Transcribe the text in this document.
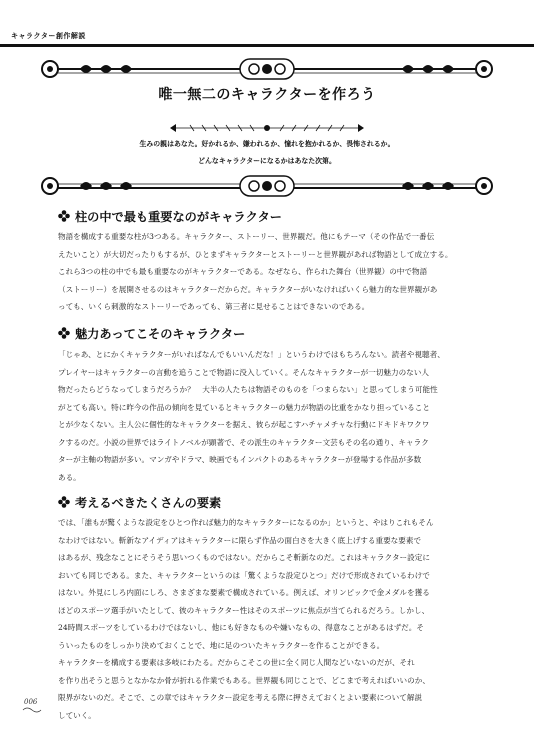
キャラクター創作解説
唯一無二のキャラクターを作ろう
生みの親はあなた。好かれるか、嫌われるか、憧れを抱かれるか、畏怖されるか。
どんなキャラクターになるかはあなた次第。
柱の中で最も重要なのがキャラクター
物語を構成する重要な柱が3つある。キャラクター、ストーリー、世界観だ。他にもテーマ（その作品で一番伝
えたいこと）が大切だったりもするが、ひとまずキャラクターとストーリーと世界観があれば物語として成立する。
これら3つの柱の中でも最も重要なのがキャラクターである。なぜなら、作られた舞台（世界観）の中で物語
（ストーリー）を展開させるのはキャラクターだからだ。キャラクターがいなければいくら魅力的な世界観があ
っても、いくら刺激的なストーリーであっても、第三者に見せることはできないのである。
魅力あってこそのキャラクター
「じゃあ、とにかくキャラクターがいればなんでもいいんだな！」というわけではもちろんない。読者や視聴者、
プレイヤーはキャラクターの言動を追うことで物語に没入していく。そんなキャラクターが一切魅力のない人
物だったらどうなってしまうだろうか？　大半の人たちは物語そのものを「つまらない」と思ってしまう可能性
がとても高い。特に昨今の作品の傾向を見ているとキャラクターの魅力が物語の比重をかなり担っていること
とが少なくない。主人公に個性的なキャラクターを据え、彼らが起こすハチャメチャな行動にドキドキワクワ
クするのだ。小説の世界ではライトノベルが顕著で、その派生のキャラクター文芸もその名の通り、キャラク
ターが主軸の物語が多い。マンガやドラマ、映画でもインパクトのあるキャラクターが登場する作品が多数
ある。
考えるべきたくさんの要素
では、「誰もが驚くような設定をひとつ作れば魅力的なキャラクターになるのか」というと、やはりこれもそん
なわけではない。斬新なアイディアはキャラクターに限らず作品の面白さを大きく底上げする重要な要素で
はあるが、残念なことにそうそう思いつくものではない。だからこそ斬新なのだ。これはキャラクター設定に
おいても同じである。また、キャラクターというのは「驚くような設定ひとつ」だけで形成されているわけで
はない。外見にしろ内面にしろ、さまざまな要素で構成されている。例えば、オリンピックで金メダルを獲る
ほどのスポーツ選手がいたとして、彼のキャラクター性はそのスポーツに焦点が当てられるだろう。しかし、
24時間スポーツをしているわけではないし、他にも好きなものや嫌いなもの、得意なことがあるはずだ。そ
ういったものをしっかり決めておくことで、地に足のついたキャラクターを作ることができる。
キャラクターを構成する要素は多岐にわたる。だからこそこの世に全く同じ人間などいないのだが、それ
を作り出そうと思うとなかなか骨が折れる作業でもある。世界観も同じことで、どこまで考えればいいのか、
限界がないのだ。そこで、この章ではキャラクター設定を考える際に押さえておくとよい要素について解説
していく。
006
